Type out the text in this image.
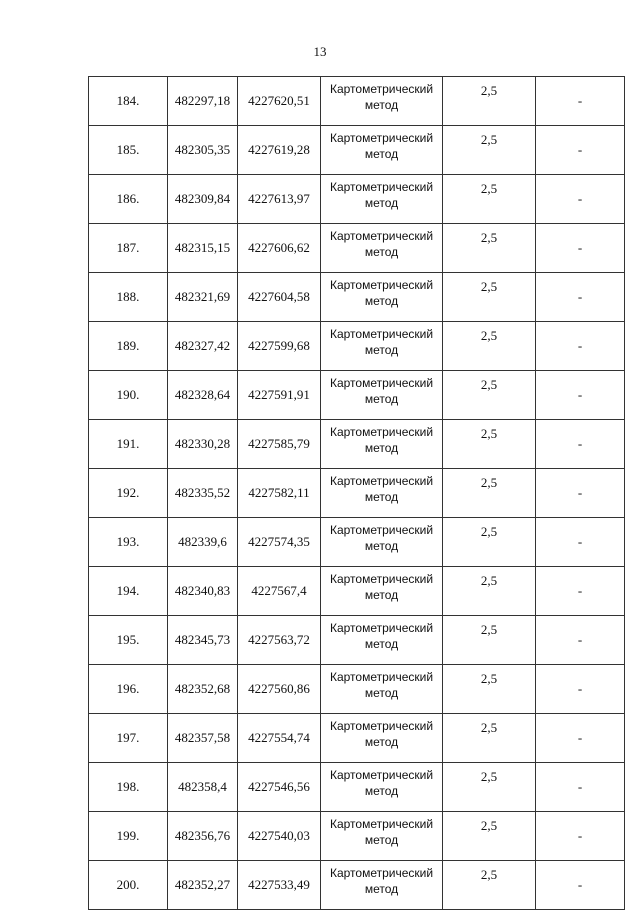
13
184.	482297,18	4227620,51	Картометрический
метод	2,5	-
185.	482305,35	4227619,28	Картометрический
метод	2,5	-
186.	482309,84	4227613,97	Картометрический
метод	2,5	-
187.	482315,15	4227606,62	Картометрический
метод	2,5	-
188.	482321,69	4227604,58	Картометрический
метод	2,5	-
189.	482327,42	4227599,68	Картометрический
метод	2,5	-
190.	482328,64	4227591,91	Картометрический
метод	2,5	-
191.	482330,28	4227585,79	Картометрический
метод	2,5	-
192.	482335,52	4227582,11	Картометрический
метод	2,5	-
193.	482339,6	4227574,35	Картометрический
метод	2,5	-
194.	482340,83	4227567,4	Картометрический
метод	2,5	-
195.	482345,73	4227563,72	Картометрический
метод	2,5	-
196.	482352,68	4227560,86	Картометрический
метод	2,5	-
197.	482357,58	4227554,74	Картометрический
метод	2,5	-
198.	482358,4	4227546,56	Картометрический
метод	2,5	-
199.	482356,76	4227540,03	Картометрический
метод	2,5	-
200.	482352,27	4227533,49	Картометрический
метод	2,5	-
